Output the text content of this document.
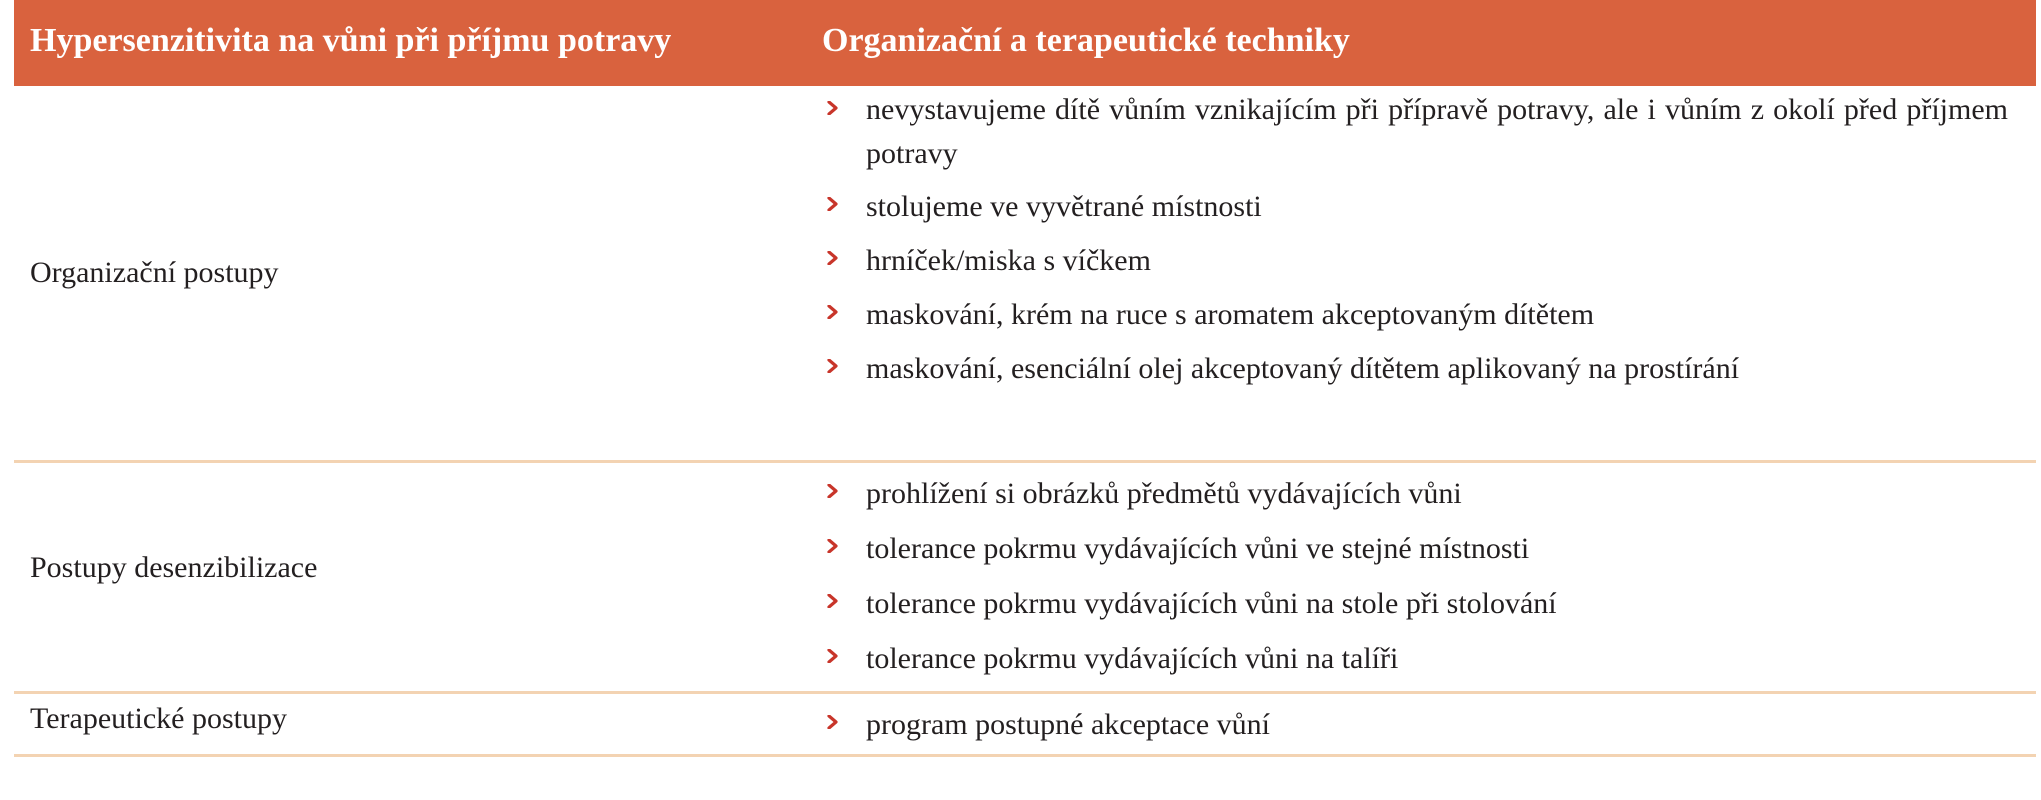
Hypersenzitivita na vůni při příjmu potravy	Organizační a terapeutické techniky
Organizační postupy
nevystavujeme dítě vůním vznikajícím při přípravě potravy, ale i vůním z okolí před příjmem potravy
stolujeme ve vyvětrané místnosti
hrníček/miska s víčkem
maskování, krém na ruce s aromatem akceptovaným dítětem
maskování, esenciální olej akceptovaný dítětem aplikovaný na prostírání
Postupy desenzibilizace
prohlížení si obrázků předmětů vydávajících vůni
tolerance pokrmu vydávajících vůni ve stejné místnosti
tolerance pokrmu vydávajících vůni na stole při stolování
tolerance pokrmu vydávajících vůni na talíři
Terapeutické postupy	program postupné akceptace vůní
